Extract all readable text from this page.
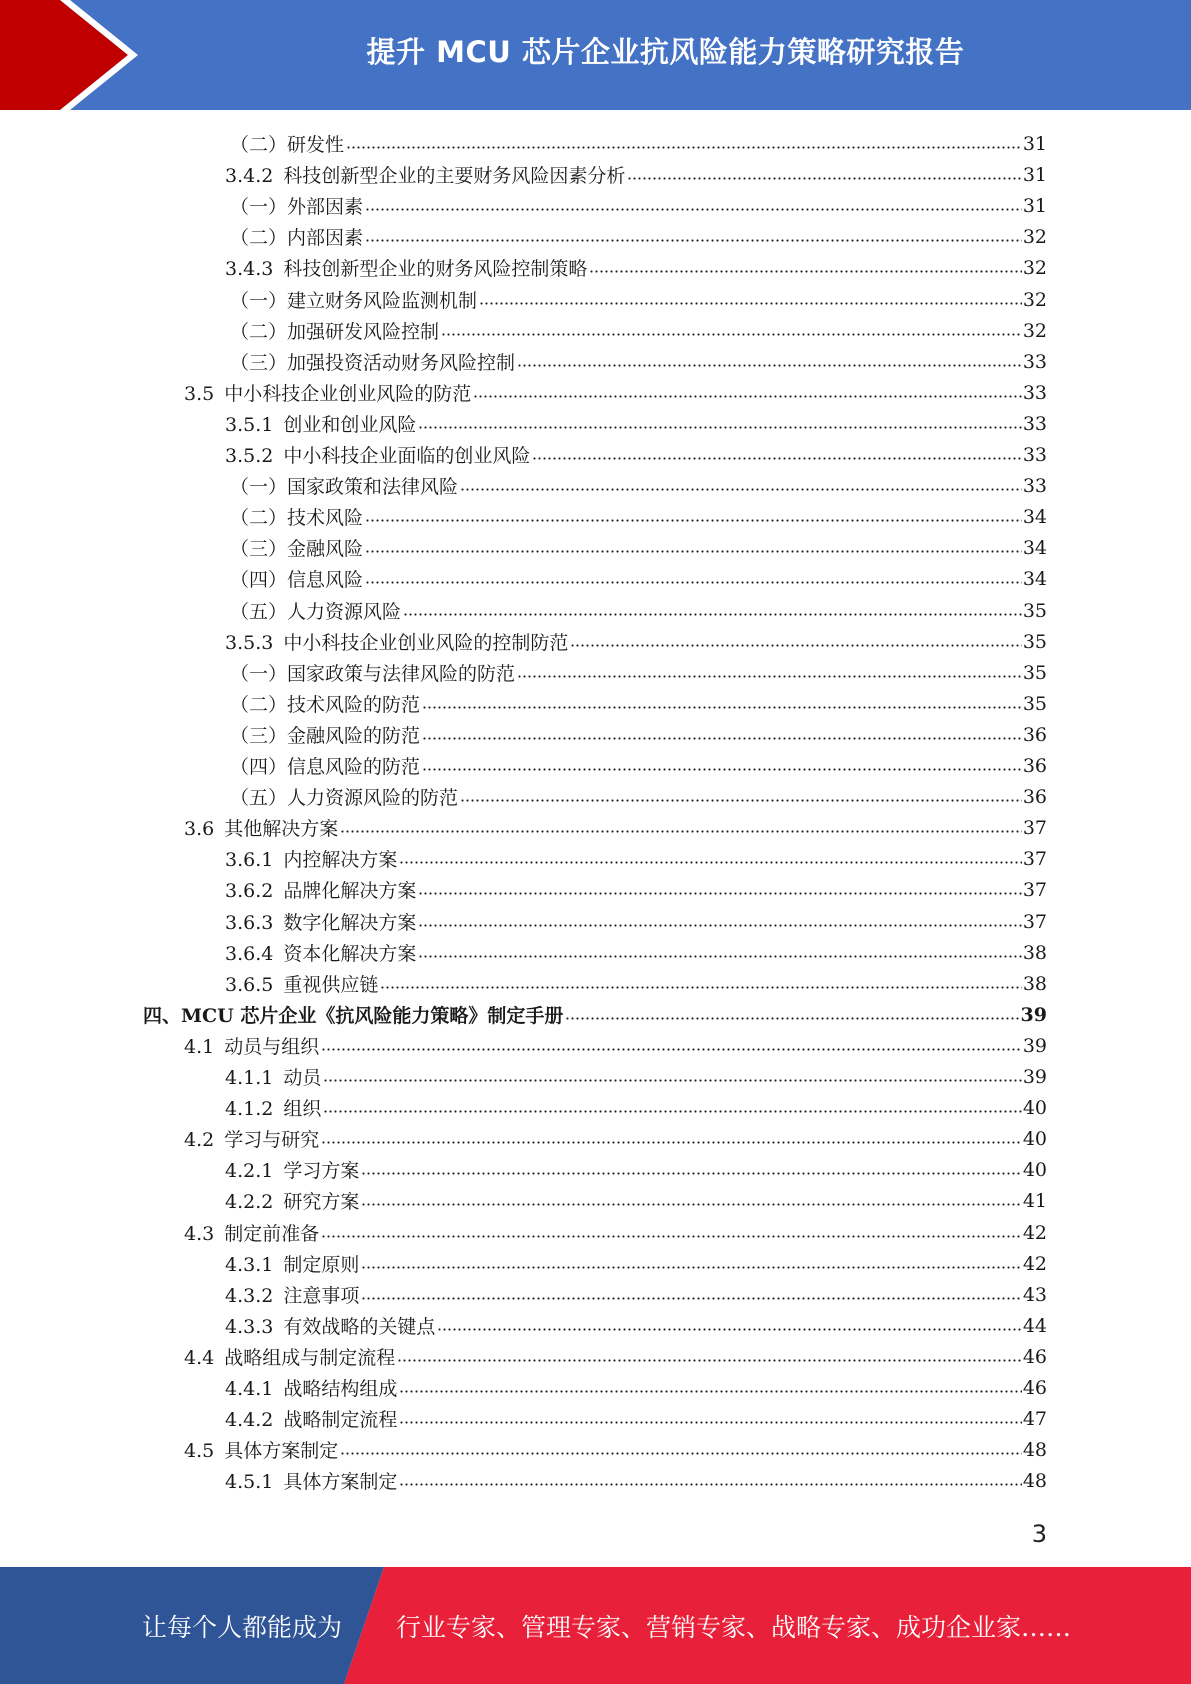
提升 MCU 芯片企业抗风险能力策略研究报告
（二）研发性	31
3.4.2 科技创新型企业的主要财务风险因素分析	31
（一）外部因素	31
（二）内部因素	32
3.4.3 科技创新型企业的财务风险控制策略	32
（一）建立财务风险监测机制	32
（二）加强研发风险控制	32
（三）加强投资活动财务风险控制	33
3.5 中小科技企业创业风险的防范	33
3.5.1 创业和创业风险	33
3.5.2 中小科技企业面临的创业风险	33
（一）国家政策和法律风险	33
（二）技术风险	34
（三）金融风险	34
（四）信息风险	34
（五）人力资源风险	35
3.5.3 中小科技企业创业风险的控制防范	35
（一）国家政策与法律风险的防范	35
（二）技术风险的防范	35
（三）金融风险的防范	36
（四）信息风险的防范	36
（五）人力资源风险的防范	36
3.6 其他解决方案	37
3.6.1 内控解决方案	37
3.6.2 品牌化解决方案	37
3.6.3 数字化解决方案	37
3.6.4 资本化解决方案	38
3.6.5 重视供应链	38
四、MCU 芯片企业《抗风险能力策略》制定手册	39
4.1 动员与组织	39
4.1.1 动员	39
4.1.2 组织	40
4.2 学习与研究	40
4.2.1 学习方案	40
4.2.2 研究方案	41
4.3 制定前准备	42
4.3.1 制定原则	42
4.3.2 注意事项	43
4.3.3 有效战略的关键点	44
4.4 战略组成与制定流程	46
4.4.1 战略结构组成	46
4.4.2 战略制定流程	47
4.5 具体方案制定	48
4.5.1 具体方案制定	48
3
让每个人都能成为 行业专家、管理专家、营销专家、战略专家、成功企业家……
